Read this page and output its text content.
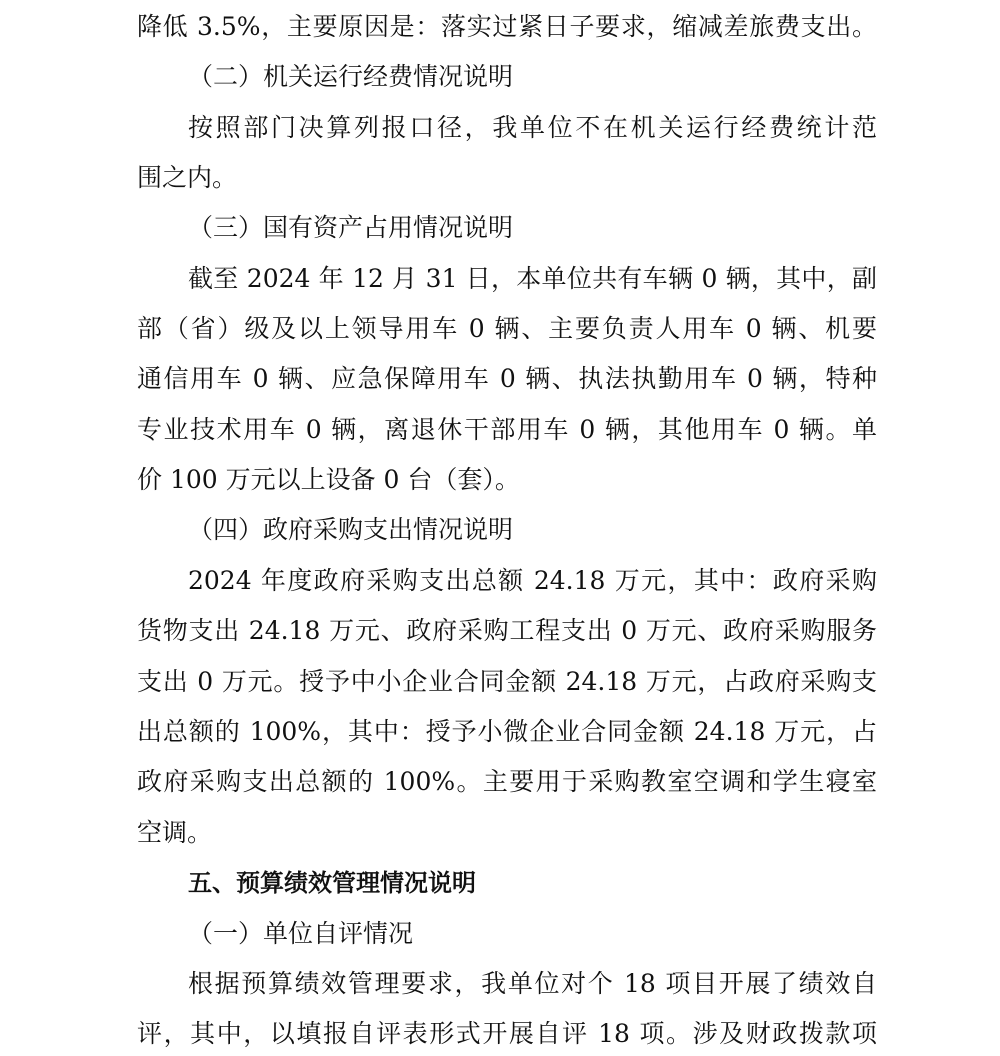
降低 3.5%，主要原因是：落实过紧日子要求，缩减差旅费支出。
（二）机关运行经费情况说明
按照部门决算列报口径，我单位不在机关运行经费统计范
围之内。
（三）国有资产占用情况说明
截至 2024 年 12 月 31 日，本单位共有车辆 0 辆，其中，副
部（省）级及以上领导用车 0 辆、主要负责人用车 0 辆、机要
通信用车 0 辆、应急保障用车 0 辆、执法执勤用车 0 辆，特种
专业技术用车 0 辆，离退休干部用车 0 辆，其他用车 0 辆。单
价 100 万元以上设备 0 台（套）。
（四）政府采购支出情况说明
2024 年度政府采购支出总额 24.18 万元，其中：政府采购
货物支出 24.18 万元、政府采购工程支出 0 万元、政府采购服务
支出 0 万元。授予中小企业合同金额 24.18 万元，占政府采购支
出总额的 100%，其中：授予小微企业合同金额 24.18 万元，占
政府采购支出总额的 100%。主要用于采购教室空调和学生寝室
空调。
五、预算绩效管理情况说明
（一）单位自评情况
根据预算绩效管理要求，我单位对个 18 项目开展了绩效自
评，其中，以填报自评表形式开展自评 18 项。涉及财政拨款项
